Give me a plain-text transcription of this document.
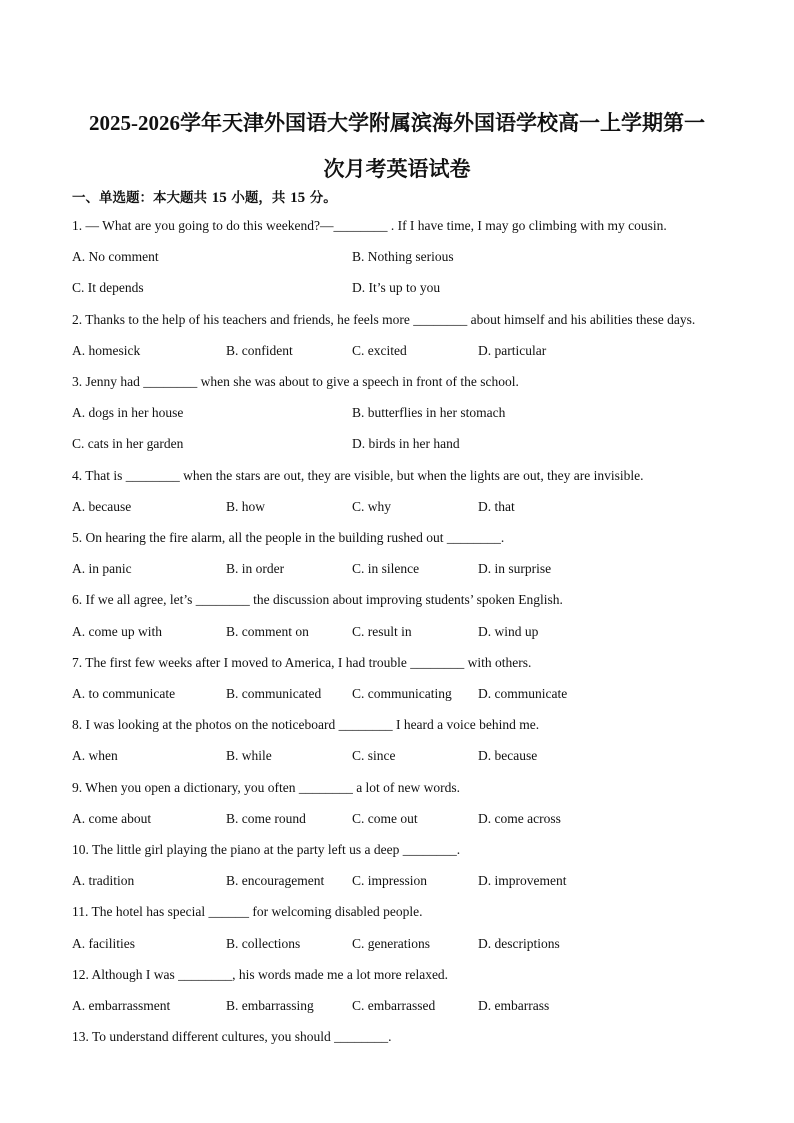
2025-2026学年天津外国语大学附属滨海外国语学校高一上学期第一
次月考英语试卷
一、单选题：本大题共 15 小题，共 15 分。
1. — What are you going to do this weekend?—________ . If I have time, I may go climbing with my cousin.
A. No comment	B. Nothing serious
C. It depends	D. It’s up to you
2. Thanks to the help of his teachers and friends, he feels more ________ about himself and his abilities these days.
A. homesick	B. confident	C. excited	D. particular
3. Jenny had ________ when she was about to give a speech in front of the school.
A. dogs in her house	B. butterflies in her stomach
C. cats in her garden	D. birds in her hand
4. That is ________ when the stars are out, they are visible, but when the lights are out, they are invisible.
A. because	B. how	C. why	D. that
5. On hearing the fire alarm, all the people in the building rushed out ________.
A. in panic	B. in order	C. in silence	D. in surprise
6. If we all agree, let’s ________ the discussion about improving students’ spoken English.
A. come up with	B. comment on	C. result in	D. wind up
7. The first few weeks after I moved to America, I had trouble ________ with others.
A. to communicate	B. communicated C. communicating D. communicate
8. I was looking at the photos on the noticeboard ________ I heard a voice behind me.
A. when	B. while	C. since	D. because
9. When you open a dictionary, you often ________ a lot of new words.
A. come about	B. come round	C. come out	D. come across
10. The little girl playing the piano at the party left us a deep ________.
A. tradition	B. encouragement C. impression	D. improvement
11. The hotel has special ______ for welcoming disabled people.
A. facilities	B. collections	C. generations	D. descriptions
12. Although I was ________, his words made me a lot more relaxed.
A. embarrassment	B. embarrassing	C. embarrassed	D. embarrass
13. To understand different cultures, you should ________.
